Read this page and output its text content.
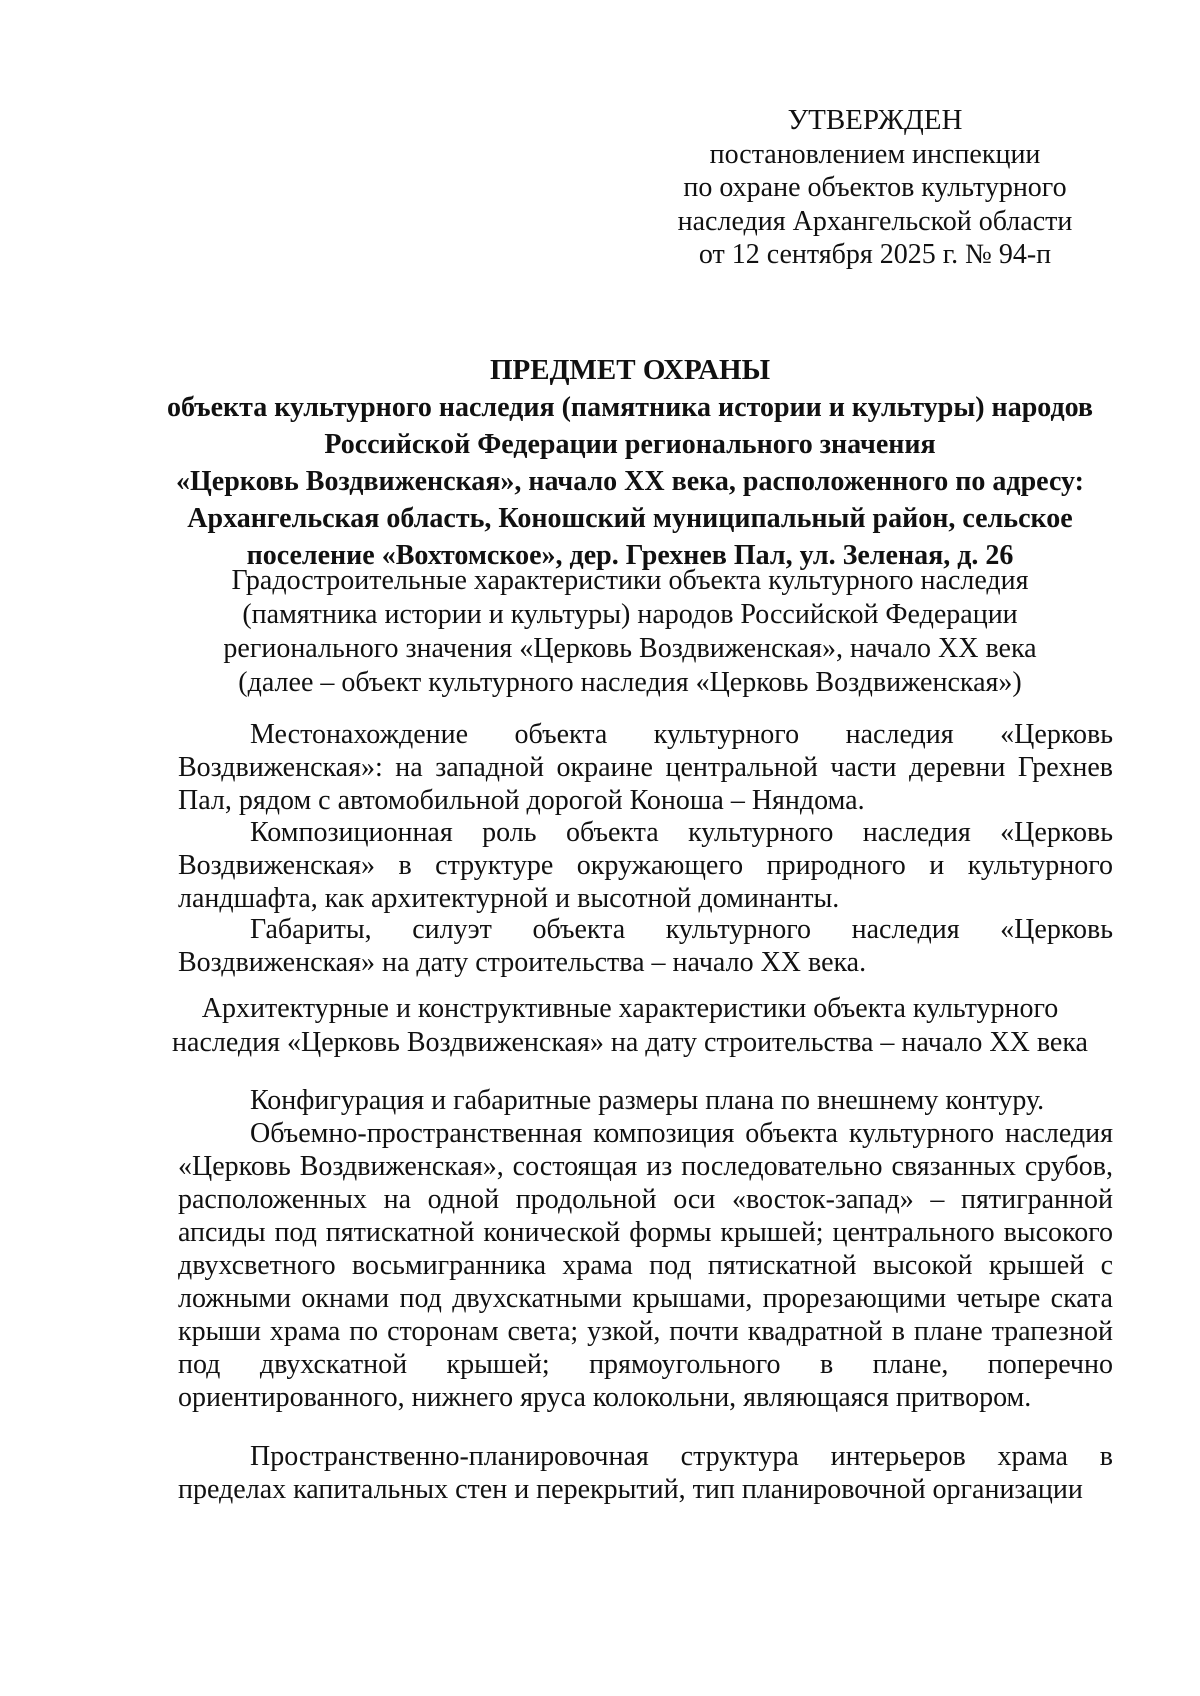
УТВЕРЖДЕН
постановлением инспекции
по охране объектов культурного
наследия Архангельской области
от 12 сентября 2025 г. № 94-п
ПРЕДМЕТ ОХРАНЫ
объекта культурного наследия (памятника истории и культуры) народов
Российской Федерации регионального значения
«Церковь Воздвиженская», начало XX века, расположенного по адресу:
Архангельская область, Коношский муниципальный район, сельское
поселение «Вохтомское», дер. Грехнев Пал, ул. Зеленая, д. 26
Градостроительные характеристики объекта культурного наследия
(памятника истории и культуры) народов Российской Федерации
регионального значения «Церковь Воздвиженская», начало XX века
(далее – объект культурного наследия «Церковь Воздвиженская»)
Местонахождение объекта культурного наследия «Церковь Воздвиженская»: на западной окраине центральной части деревни Грехнев Пал, рядом с автомобильной дорогой Коноша – Няндома.
Композиционная роль объекта культурного наследия «Церковь Воздвиженская» в структуре окружающего природного и культурного ландшафта, как архитектурной и высотной доминанты.
Габариты, силуэт объекта культурного наследия «Церковь Воздвиженская» на дату строительства – начало XX века.
Архитектурные и конструктивные характеристики объекта культурного
наследия «Церковь Воздвиженская» на дату строительства – начало XX века
Конфигурация и габаритные размеры плана по внешнему контуру.
Объемно-пространственная композиция объекта культурного наследия «Церковь Воздвиженская», состоящая из последовательно связанных срубов, расположенных на одной продольной оси «восток-запад» – пятигранной апсиды под пятискатной конической формы крышей; центрального высокого двухсветного восьмигранника храма под пятискатной высокой крышей с ложными окнами под двухскатными крышами, прорезающими четыре ската крыши храма по сторонам света; узкой, почти квадратной в плане трапезной под двухскатной крышей; прямоугольного в плане, поперечно ориентированного, нижнего яруса колокольни, являющаяся притвором.
Пространственно-планировочная структура интерьеров храма в пределах капитальных стен и перекрытий, тип планировочной организации
